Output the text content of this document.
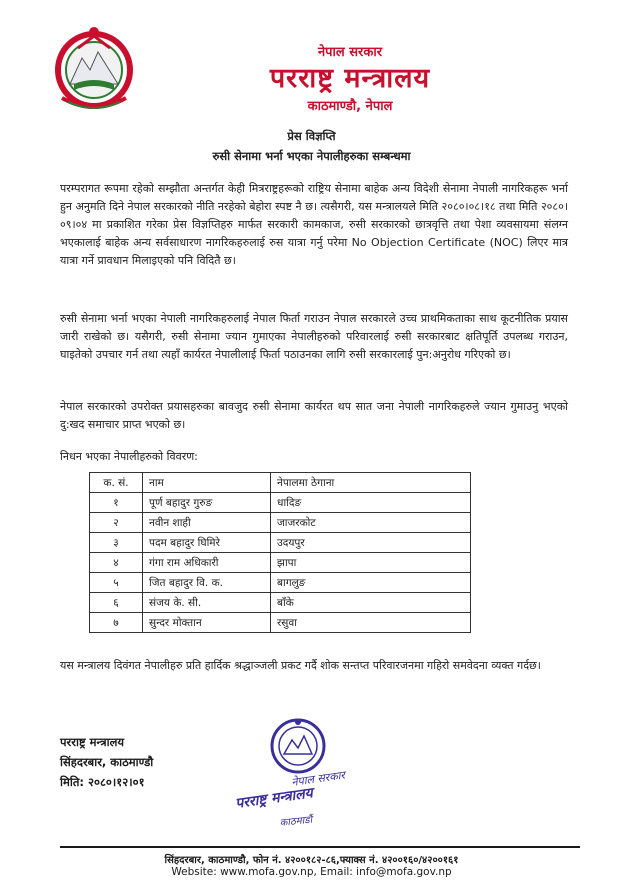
नेपाल सरकार
परराष्ट्र मन्त्रालय
काठमाण्डौ, नेपाल
प्रेस विज्ञप्ति
रुसी सेनामा भर्ना भएका नेपालीहरुका सम्बन्धमा

परम्परागत रूपमा रहेको सम्झौता अन्तर्गत केही मित्रराष्ट्रहरूको राष्ट्रिय सेनामा बाहेक अन्य विदेशी सेनामा नेपाली नागरिकहरू भर्ना हुन अनुमति दिने नेपाल सरकारको नीति नरहेको बेहोरा स्पष्ट नै छ। त्यसैगरी, यस मन्त्रालयले मिति २०८०।०८।१८ तथा मिति २०८०।०९।०४ मा प्रकाशित गरेका प्रेस विज्ञप्तिहरु मार्फत सरकारी कामकाज, रुसी सरकारको छात्रवृत्ति तथा पेशा व्यवसायमा संलग्न भएकालाई बाहेक अन्य सर्वसाधारण नागरिकहरुलाई रुस यात्रा गर्नु परेमा No Objection Certificate (NOC) लिएर मात्र यात्रा गर्ने प्रावधान मिलाइएको पनि विदितै छ।

रुसी सेनामा भर्ना भएका नेपाली नागरिकहरुलाई नेपाल फिर्ता गराउन नेपाल सरकारले उच्च प्राथमिकताका साथ कूटनीतिक प्रयास जारी राखेको छ। यसैगरी, रुसी सेनामा ज्यान गुमाएका नेपालीहरुको परिवारलाई रुसी सरकारबाट क्षतिपूर्ति उपलब्ध गराउन, घाइतेको उपचार गर्न तथा त्यहाँ कार्यरत नेपालीलाई फिर्ता पठाउनका लागि रुसी सरकारलाई पुन:अनुरोध गरिएको छ।

नेपाल सरकारको उपरोक्त प्रयासहरुका बावजुद रुसी सेनामा कार्यरत थप सात जना नेपाली नागरिकहरुले ज्यान गुमाउनु भएको दु:खद समाचार प्राप्त भएको छ।

निधन भएका नेपालीहरुको विवरण:

क. सं.	नाम	नेपालमा ठेगाना
१	पूर्ण बहादुर गुरुङ	धादिङ
२	नवीन शाही	जाजरकोट
३	पदम बहादुर घिमिरे	उदयपुर
४	गंगा राम अधिकारी	झापा
५	जित बहादुर वि. क.	बागलुङ
६	संजय के. सी.	बाँके
७	सुन्दर मोक्तान	रसुवा

यस मन्त्रालय दिवंगत नेपालीहरु प्रति हार्दिक श्रद्धाञ्जली प्रकट गर्दै शोक सन्तप्त परिवारजनमा गहिरो समवेदना व्यक्त गर्दछ।

परराष्ट्र मन्त्रालय
सिंहदरबार, काठमाण्डौ
मिति: २०८०।१२।०१	नेपाल सरकार
परराष्ट्र मन्त्रालय
काठमाडौं
सिंहदरबार, काठमाण्डौ, फोन नं. ४२००१८२-८६,फ्याक्स नं. ४२००१६०/४२००१६१
Website: www.mofa.gov.np, Email: info@mofa.gov.np
